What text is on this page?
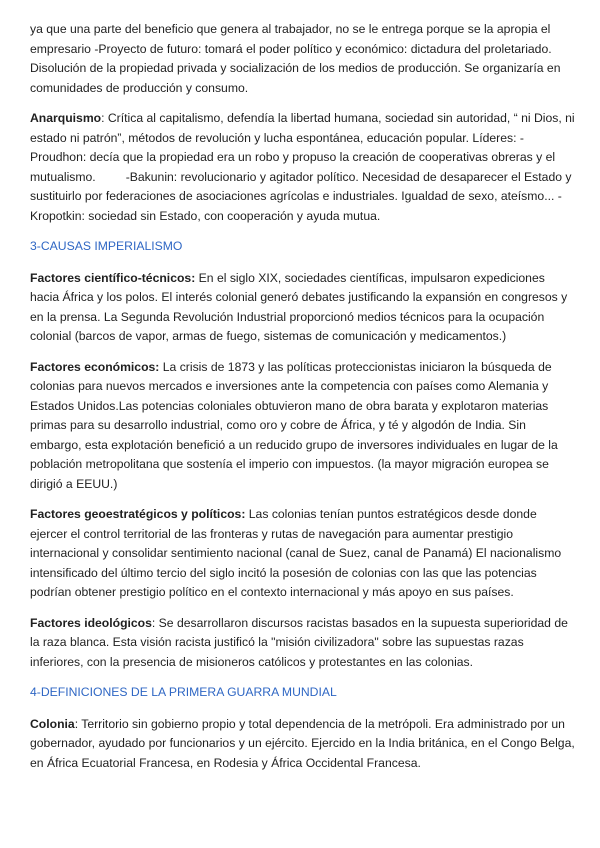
ya que una parte del beneficio que genera al trabajador, no se le entrega porque se la apropia el empresario -Proyecto de futuro: tomará el poder político y económico: dictadura del proletariado. Disolución de la propiedad privada y socialización de los medios de producción. Se organizaría en comunidades de producción y consumo.

Anarquismo: Crítica al capitalismo, defendía la libertad humana, sociedad sin autoridad, “ ni Dios, ni estado ni patrón”, métodos de revolución y lucha espontánea, educación popular. Líderes: -Proudhon: decía que la propiedad era un robo y propuso la creación de cooperativas obreras y el mutualismo. -Bakunin: revolucionario y agitador político. Necesidad de desaparecer el Estado y sustituirlo por federaciones de asociaciones agrícolas e industriales. Igualdad de sexo, ateísmo... -Kropotkin: sociedad sin Estado, con cooperación y ayuda mutua.

3-CAUSAS IMPERIALISMO

Factores científico-técnicos: En el siglo XIX, sociedades científicas, impulsaron expediciones hacia África y los polos. El interés colonial generó debates justificando la expansión en congresos y en la prensa. La Segunda Revolución Industrial proporcionó medios técnicos para la ocupación colonial (barcos de vapor, armas de fuego, sistemas de comunicación y medicamentos.)

Factores económicos: La crisis de 1873 y las políticas proteccionistas iniciaron la búsqueda de colonias para nuevos mercados e inversiones ante la competencia con países como Alemania y Estados Unidos.Las potencias coloniales obtuvieron mano de obra barata y explotaron materias primas para su desarrollo industrial, como oro y cobre de África, y té y algodón de India. Sin embargo, esta explotación benefició a un reducido grupo de inversores individuales en lugar de la población metropolitana que sostenía el imperio con impuestos. (la mayor migración europea se dirigió a EEUU.)

Factores geoestratégicos y políticos: Las colonias tenían puntos estratégicos desde donde ejercer el control territorial de las fronteras y rutas de navegación para aumentar prestigio internacional y consolidar sentimiento nacional (canal de Suez, canal de Panamá) El nacionalismo intensificado del último tercio del siglo incitó la posesión de colonias con las que las potencias podrían obtener prestigio político en el contexto internacional y más apoyo en sus países.

Factores ideológicos: Se desarrollaron discursos racistas basados en la supuesta superioridad de la raza blanca. Esta visión racista justificó la "misión civilizadora" sobre las supuestas razas inferiores, con la presencia de misioneros católicos y protestantes en las colonias.

4-DEFINICIONES DE LA PRIMERA GUARRA MUNDIAL

Colonia: Territorio sin gobierno propio y total dependencia de la metrópoli. Era administrado por un gobernador, ayudado por funcionarios y un ejército. Ejercido en la India británica, en el Congo Belga, en África Ecuatorial Francesa, en Rodesia y África Occidental Francesa.
